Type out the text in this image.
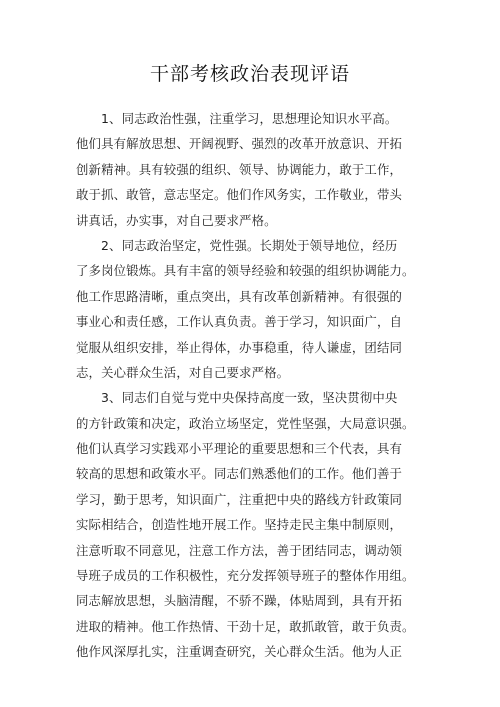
干部考核政治表现评语
1、同志政治性强，注重学习，思想理论知识水平高。
他们具有解放思想、开阔视野、强烈的改革开放意识、开拓
创新精神。具有较强的组织、领导、协调能力，敢于工作，
敢于抓、敢管，意志坚定。他们作风务实，工作敬业，带头
讲真话，办实事，对自己要求严格。
2、同志政治坚定，党性强。长期处于领导地位，经历
了多岗位锻炼。具有丰富的领导经验和较强的组织协调能力。
他工作思路清晰，重点突出，具有改革创新精神。有很强的
事业心和责任感，工作认真负责。善于学习，知识面广，自
觉服从组织安排，举止得体，办事稳重，待人谦虚，团结同
志，关心群众生活，对自己要求严格。
3、同志们自觉与党中央保持高度一致，坚决贯彻中央
的方针政策和决定，政治立场坚定，党性坚强，大局意识强。
他们认真学习实践邓小平理论的重要思想和三个代表，具有
较高的思想和政策水平。同志们熟悉他们的工作。他们善于
学习，勤于思考，知识面广，注重把中央的路线方针政策同
实际相结合，创造性地开展工作。坚持走民主集中制原则，
注意听取不同意见，注意工作方法，善于团结同志，调动领
导班子成员的工作积极性，充分发挥领导班子的整体作用组。
同志解放思想，头脑清醒，不骄不躁，体贴周到，具有开拓
进取的精神。他工作热情、干劲十足，敢抓敢管，敢于负责。
他作风深厚扎实，注重调查研究，关心群众生活。他为人正
